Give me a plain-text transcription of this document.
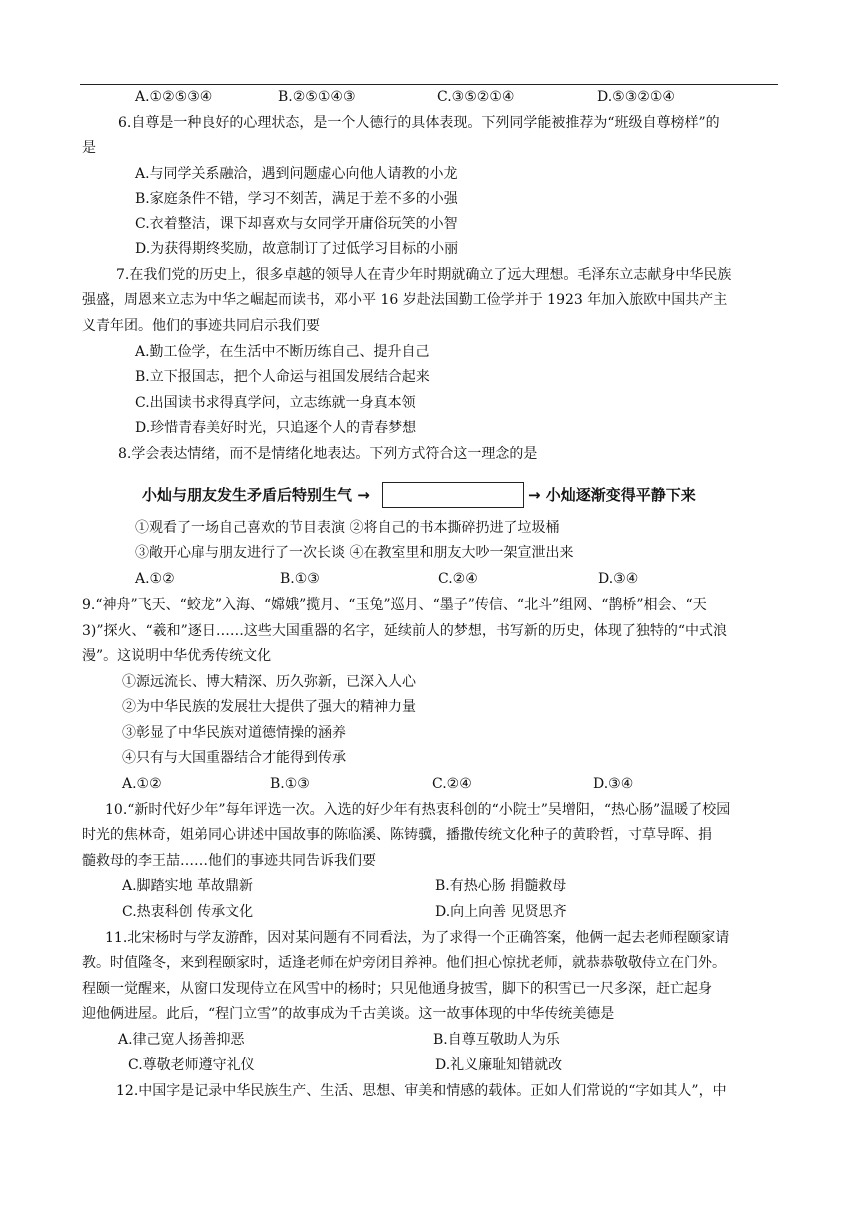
A.①②⑤③④	B.②⑤①④③	C.③⑤②①④	D.⑤③②①④
6.自尊是一种良好的心理状态，是一个人德行的具体表现。下列同学能被推荐为“班级自尊榜样”的
是
A.与同学关系融洽，遇到问题虚心向他人请教的小龙
B.家庭条件不错，学习不刻苦，满足于差不多的小强
C.衣着整洁，课下却喜欢与女同学开庸俗玩笑的小智
D.为获得期终奖励，故意制订了过低学习目标的小丽
7.在我们党的历史上，很多卓越的领导人在青少年时期就确立了远大理想。毛泽东立志献身中华民族
强盛，周恩来立志为中华之崛起而读书，邓小平 16 岁赴法国勤工俭学并于 1923 年加入旅欧中国共产主
义青年团。他们的事迹共同启示我们要
A.勤工俭学，在生活中不断历练自己、提升自己
B.立下报国志，把个人命运与祖国发展结合起来
C.出国读书求得真学问，立志练就一身真本领
D.珍惜青春美好时光，只追逐个人的青春梦想
8.学会表达情绪，而不是情绪化地表达。下列方式符合这一理念的是
小灿与朋友发生矛盾后特别生气 →	→ 小灿逐渐变得平静下来
①观看了一场自己喜欢的节目表演 ②将自己的书本撕碎扔进了垃圾桶
③敞开心扉与朋友进行了一次长谈 ④在教室里和朋友大吵一架宣泄出来
A.①②	B.①③	C.②④	D.③④
9.“神舟”飞天、“蛟龙”入海、“嫦娥”揽月、“玉兔”巡月、“墨子”传信、“北斗”组网、“鹊桥”相会、“天
3)”探火、“羲和”逐日……这些大国重器的名字，延续前人的梦想，书写新的历史，体现了独特的“中式浪
漫”。这说明中华优秀传统文化
①源远流长、博大精深、历久弥新，已深入人心
②为中华民族的发展壮大提供了强大的精神力量
③彰显了中华民族对道德情操的涵养
④只有与大国重器结合才能得到传承
A.①②	B.①③	C.②④	D.③④
10.“新时代好少年”每年评选一次。入选的好少年有热衷科创的“小院士”吴增阳，“热心肠”温暖了校园
时光的焦林奇，姐弟同心讲述中国故事的陈临溪、陈铸骥，播撒传统文化种子的黄聆哲，寸草导晖、捐
髓救母的李王喆……他们的事迹共同告诉我们要
A.脚踏实地 革故鼎新	B.有热心肠 捐髓救母
C.热衷科创 传承文化	D.向上向善 见贤思齐
11.北宋杨时与学友游酢，因对某问题有不同看法，为了求得一个正确答案，他俩一起去老师程颐家请
教。时值隆冬，来到程颐家时，适逢老师在炉旁闭目养神。他们担心惊扰老师，就恭恭敬敬侍立在门外。
程颐一觉醒来，从窗口发现侍立在风雪中的杨时；只见他通身披雪，脚下的积雪已一尺多深，赶亡起身
迎他俩进屋。此后，“程门立雪”的故事成为千古美谈。这一故事体现的中华传统美德是
A.律己宽人扬善抑恶	B.自尊互敬助人为乐
C.尊敬老师遵守礼仪	D.礼义廉耻知错就改
12.中国字是记录中华民族生产、生活、思想、审美和情感的载体。正如人们常说的“字如其人”，中
